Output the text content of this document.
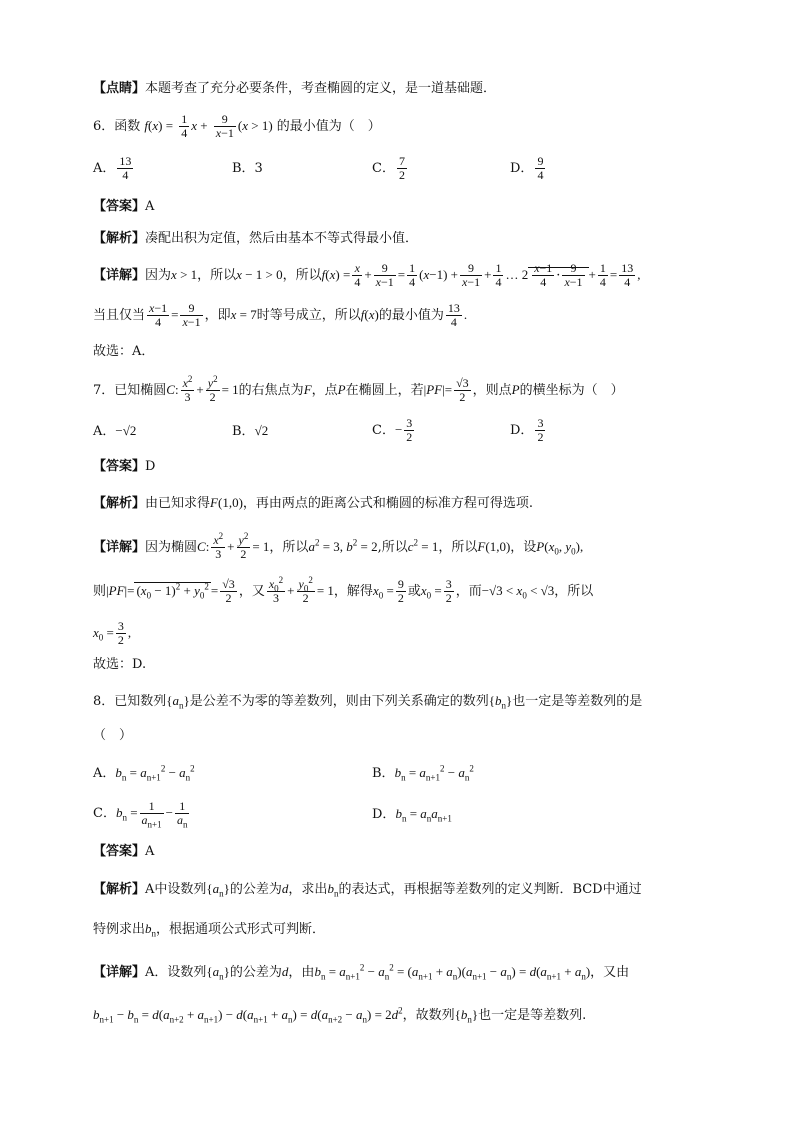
【点睛】本题考查了充分必要条件，考查椭圆的定义，是一道基础题．
6．函数 $f(x) = \frac{1}{4}$ $x + \frac{9}{x-1} (x > 1)$ 的最小值为（　）
A． $\frac{13}{4}$	B．3	C． $\frac{7}{2}$	D． $\frac{9}{4}$
【答案】A
【解析】凑配出积为定值，然后由基本不等式得最小值．
【详解】因为x > 1，所以x − 1 > 0，所以$f(x) = \frac{x}{4} + \frac{9}{x-1} = \frac{1}{4} (x-1) + \frac{9}{x-1} + \frac{1}{4}$ … $2 \frac{x-1}{4} \cdot \frac{9}{x-1} + \frac{1}{4} = \frac{13}{4}$ ,
当且仅当 $\frac{x-1}{4} = \frac{9}{x-1}$ ，即x = 7时等号成立，所以f(x)的最小值为 $\frac{13}{4}$ .
故选：A．
7．已知椭圆C: $\frac{x^2}{3} + \frac{y^2}{2} = 1$的右焦点为F，点P在椭圆上，若$|PF|= \frac{√3}{2}$ ，则点P的横坐标为（　）
A．−√2	B．√2	C．− $\frac{3}{2}$	D． $\frac{3}{2}$
【答案】D
【解析】由已知求得F(1,0)，再由两点的距离公式和椭圆的标准方程可得选项.
【详解】因为椭圆C: $\frac{x^2}{3} + \frac{y^2}{2} = 1$，所以$a^2 = 3$, $b^2 = 2$,所以$c^2 = 1$，所以F(1,0)，设$P(x_0$, $y_0$),
则$|PF|= (x_0 - 1)^2 + y_0^2 = \frac{√3}{2}$ ，又 $\frac{x_0^2}{3} + \frac{y_0^2}{2} = 1$，解得$x_0 = \frac{9}{2}$ 或$x_0 = \frac{3}{2}$ ，而$-√3 < x_0 < √3$，所以
$x_0 = \frac{3}{2}$ ,
故选：D.
8．已知数列$\{a_n\}$是公差不为零的等差数列，则由下列关系确定的数列$\{b_n\}$也一定是等差数列的是
（　）
A．$b_n = a_{n+1}^2 - a_n^2$	B．$b_n = a_{n+1}^2 - a_n^2$
C．$b_n = \frac{1}{a_{n+1}} - \frac{1}{a_n}$	D．$b_n = a_na_{n+1}$
【答案】A
【解析】A中设数列$\{a_n\}$的公差为d，求出$b_n$的表达式，再根据等差数列的定义判断．BCD中通过
特例求出$b_n$，根据通项公式形式可判断．
【详解】A．设数列$\{a_n\}$的公差为d，由$b_n = a_{n+1}^2 - a_n^2 = (a_{n+1} + a_n)(a_{n+1} - a_n) = d(a_{n+1} + a_n)$，又由
$b_{n+1} - b_n = d(a_{n+2} + a_{n+1}) - d(a_{n+1} + a_n) = d(a_{n+2} - a_n) = 2d^2$，故数列$\{b_n\}$也一定是等差数列.
